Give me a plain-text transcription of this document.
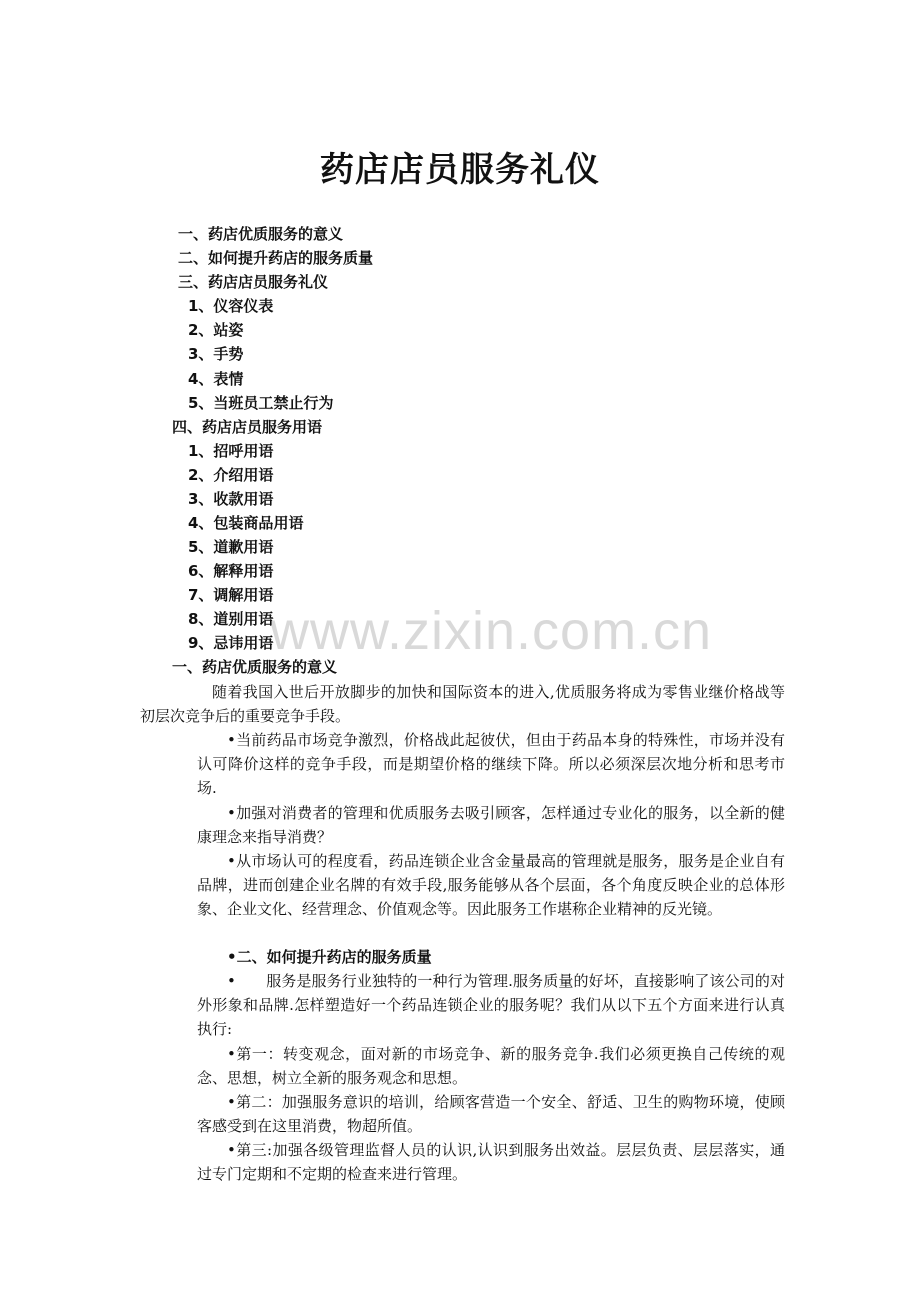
www.zixin.com.cn
药店店员服务礼仪
一、药店优质服务的意义
二、如何提升药店的服务质量
三、药店店员服务礼仪
1、仪容仪表
2、站姿
3、手势
4、表情
5、当班员工禁止行为
四、药店店员服务用语
1、招呼用语
2、介绍用语
3、收款用语
4、包装商品用语
5、道歉用语
6、解释用语
7、调解用语
8、道别用语
9、忌讳用语
一、药店优质服务的意义

随着我国入世后开放脚步的加快和国际资本的进入,优质服务将成为零售业继价格战等初层次竞争后的重要竞争手段。

•当前药品市场竞争激烈，价格战此起彼伏，但由于药品本身的特殊性，市场并没有认可降价这样的竞争手段，而是期望价格的继续下降。所以必须深层次地分析和思考市场.

•加强对消费者的管理和优质服务去吸引顾客，怎样通过专业化的服务，以全新的健康理念来指导消费？

•从市场认可的程度看，药品连锁企业含金量最高的管理就是服务，服务是企业自有品牌，进而创建企业名牌的有效手段,服务能够从各个层面，各个角度反映企业的总体形象、企业文化、经营理念、价值观念等。因此服务工作堪称企业精神的反光镜。

•二、如何提升药店的服务质量

•　　服务是服务行业独特的一种行为管理.服务质量的好坏，直接影响了该公司的对外形象和品牌.怎样塑造好一个药品连锁企业的服务呢？我们从以下五个方面来进行认真执行:

•第一：转变观念，面对新的市场竞争、新的服务竞争.我们必须更换自己传统的观念、思想，树立全新的服务观念和思想。

•第二：加强服务意识的培训，给顾客营造一个安全、舒适、卫生的购物环境，使顾客感受到在这里消费，物超所值。

•第三:加强各级管理监督人员的认识,认识到服务出效益。层层负责、层层落实，通过专门定期和不定期的检查来进行管理。
